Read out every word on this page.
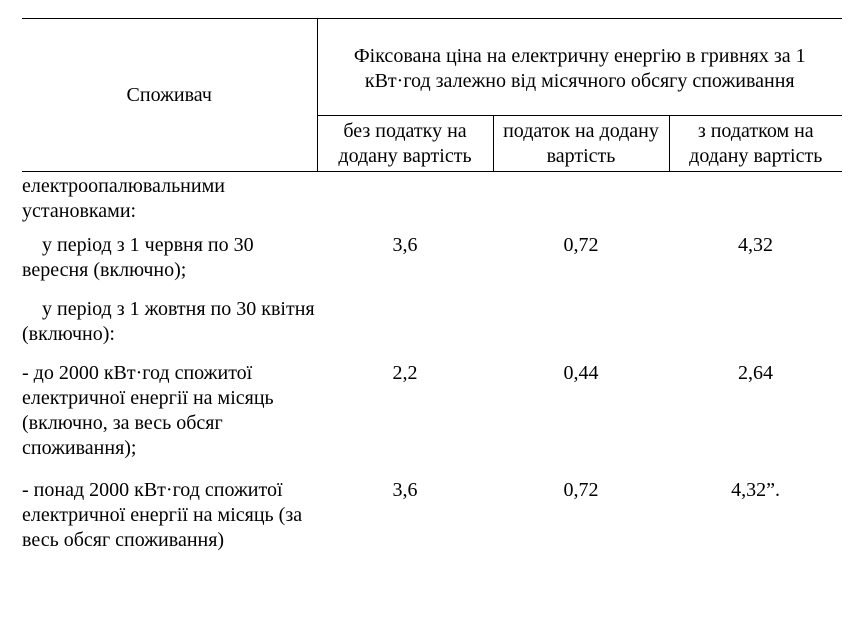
Споживач	Фіксована ціна на електричну енергію в гривнях за 1 кВт·год залежно від місячного обсягу споживання		
	без податку на додану вартість	податок на додану вартість	з податком на додану вартість
електроопалювальними установками:			
у період з 1 червня по 30 вересня (включно);	3,6	0,72	4,32
у період з 1 жовтня по 30 квітня (включно):			
- до 2000 кВт·год спожитої електричної енергії на місяць (включно, за весь обсяг споживання);	2,2	0,44	2,64
- понад 2000 кВт·год спожитої електричної енергії на місяць (за весь обсяг споживання)	3,6	0,72	4,32”.
